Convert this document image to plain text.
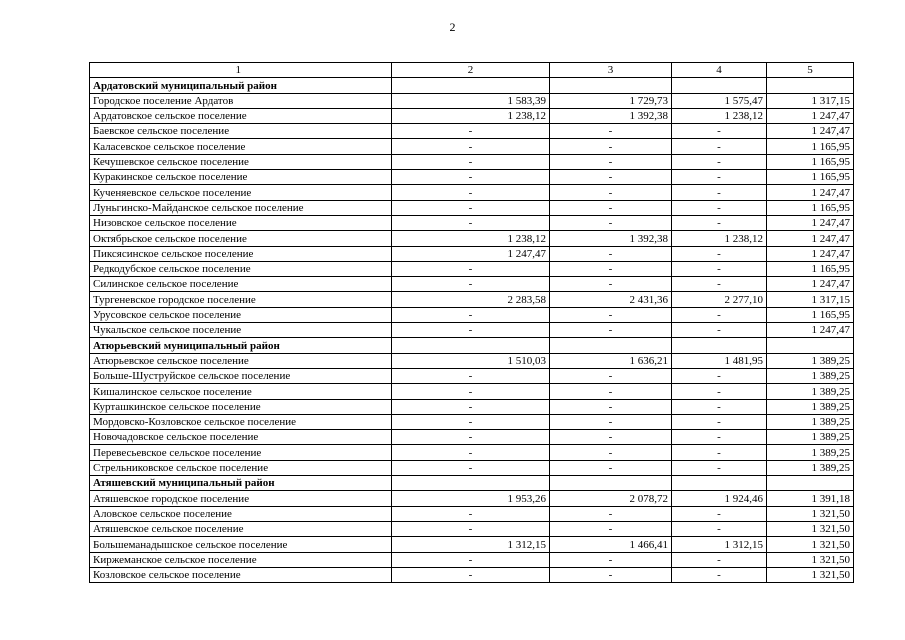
2
1	2	3	4	5
Ардатовский муниципальный район				
Городское поселение Ардатов	1 583,39	1 729,73	1 575,47	1 317,15
Ардатовское сельское поселение	1 238,12	1 392,38	1 238,12	1 247,47
Баевское сельское поселение	-	-	-	1 247,47
Каласевское сельское поселение	-	-	-	1 165,95
Кечушевское сельское поселение	-	-	-	1 165,95
Куракинское сельское поселение	-	-	-	1 165,95
Кученяевское сельское поселение	-	-	-	1 247,47
Луньгинско-Майданское сельское поселение	-	-	-	1 165,95
Низовское сельское поселение	-	-	-	1 247,47
Октябрьское сельское поселение	1 238,12	1 392,38	1 238,12	1 247,47
Пиксясинское сельское поселение	1 247,47	-	-	1 247,47
Редкодубское сельское поселение	-	-	-	1 165,95
Силинское сельское поселение	-	-	-	1 247,47
Тургеневское городское поселение	2 283,58	2 431,36	2 277,10	1 317,15
Урусовское сельское поселение	-	-	-	1 165,95
Чукальское сельское поселение	-	-	-	1 247,47
Атюрьевский муниципальный район				
Атюрьевское сельское поселение	1 510,03	1 636,21	1 481,95	1 389,25
Больше-Шуструйское сельское поселение	-	-	-	1 389,25
Кишалинское сельское поселение	-	-	-	1 389,25
Курташкинское сельское поселение	-	-	-	1 389,25
Мордовско-Козловское сельское поселение	-	-	-	1 389,25
Новочадовское сельское поселение	-	-	-	1 389,25
Перевесьевское сельское поселение	-	-	-	1 389,25
Стрельниковское сельское поселение	-	-	-	1 389,25
Атяшевский муниципальный район				
Атяшевское городское поселение	1 953,26	2 078,72	1 924,46	1 391,18
Аловское сельское поселение	-	-	-	1 321,50
Атяшевское сельское поселение	-	-	-	1 321,50
Большеманадышское сельское поселение	1 312,15	1 466,41	1 312,15	1 321,50
Киржеманское сельское поселение	-	-	-	1 321,50
Козловское сельское поселение	-	-	-	1 321,50
